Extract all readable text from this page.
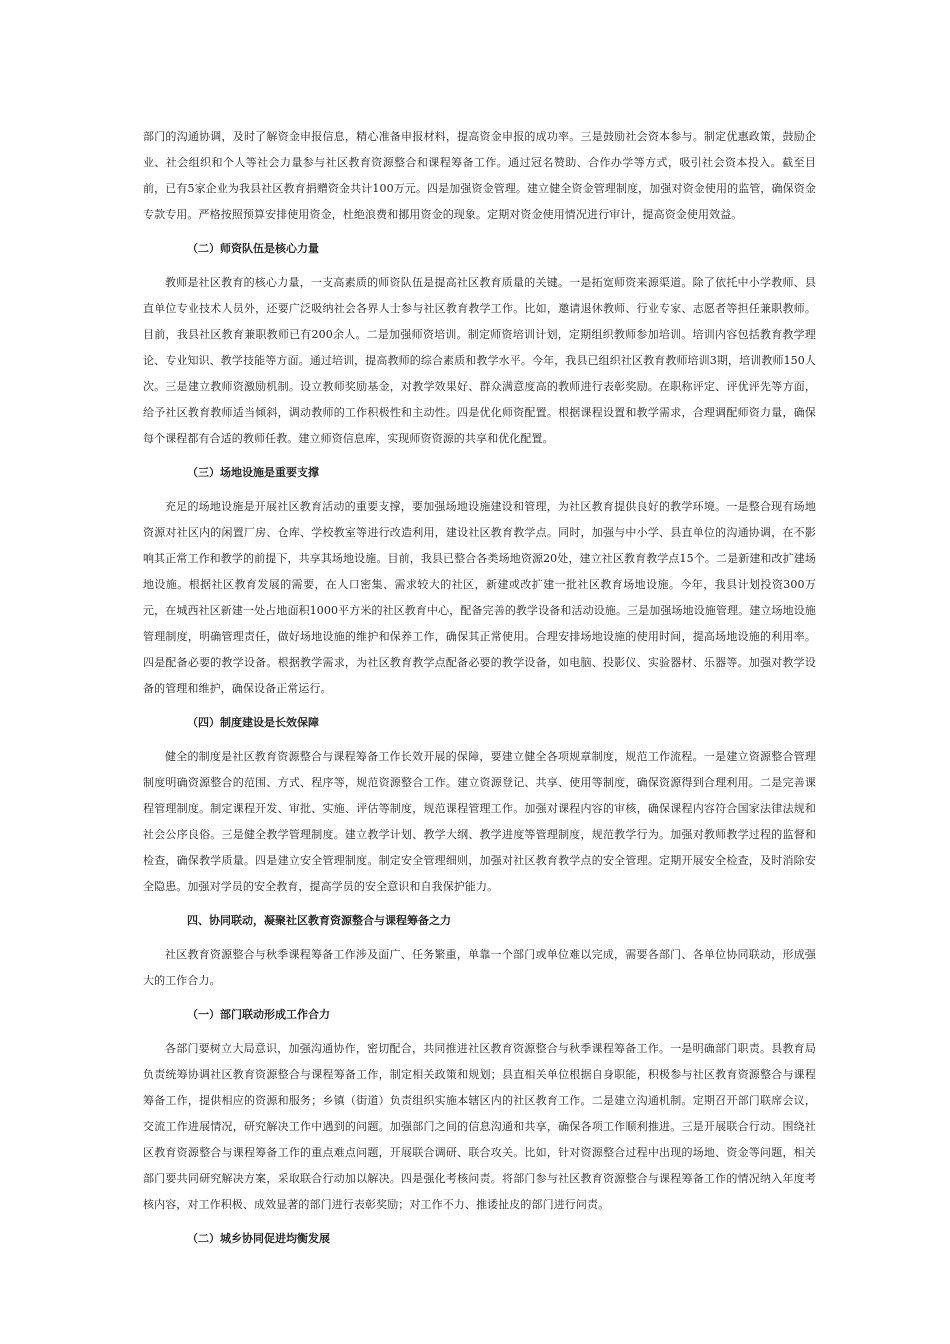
部门的沟通协调，及时了解资金申报信息，精心准备申报材料，提高资金申报的成功率。三是鼓励社会资本参与。制定优惠政策，鼓励企业、社会组织和个人等社会力量参与社区教育资源整合和课程筹备工作。通过冠名赞助、合作办学等方式，吸引社会资本投入。截至目前，已有5家企业为我县社区教育捐赠资金共计100万元。四是加强资金管理。建立健全资金管理制度，加强对资金使用的监管，确保资金专款专用。严格按照预算安排使用资金，杜绝浪费和挪用资金的现象。定期对资金使用情况进行审计，提高资金使用效益。

（二）师资队伍是核心力量

教师是社区教育的核心力量，一支高素质的师资队伍是提高社区教育质量的关键。一是拓宽师资来源渠道。除了依托中小学教师、县直单位专业技术人员外，还要广泛吸纳社会各界人士参与社区教育教学工作。比如，邀请退休教师、行业专家、志愿者等担任兼职教师。目前，我县社区教育兼职教师已有200余人。二是加强师资培训。制定师资培训计划，定期组织教师参加培训。培训内容包括教育教学理论、专业知识、教学技能等方面。通过培训，提高教师的综合素质和教学水平。今年，我县已组织社区教育教师培训3期，培训教师150人次。三是建立教师资激励机制。设立教师奖励基金，对教学效果好、群众满意度高的教师进行表彰奖励。在职称评定、评优评先等方面，给予社区教育教师适当倾斜，调动教师的工作积极性和主动性。四是优化师资配置。根据课程设置和教学需求，合理调配师资力量，确保每个课程都有合适的教师任教。建立师资信息库，实现师资资源的共享和优化配置。

（三）场地设施是重要支撑

充足的场地设施是开展社区教育活动的重要支撑，要加强场地设施建设和管理，为社区教育提供良好的教学环境。一是整合现有场地资源对社区内的闲置厂房、仓库、学校教室等进行改造利用，建设社区教育教学点。同时，加强与中小学、县直单位的沟通协调，在不影响其正常工作和教学的前提下，共享其场地设施。目前，我县已整合各类场地资源20处，建立社区教育教学点15个。二是新建和改扩建场地设施。根据社区教育发展的需要，在人口密集、需求较大的社区，新建或改扩建一批社区教育场地设施。今年，我县计划投资300万元，在城西社区新建一处占地面积1000平方米的社区教育中心，配备完善的教学设备和活动设施。三是加强场地设施管理。建立场地设施管理制度，明确管理责任，做好场地设施的维护和保养工作，确保其正常使用。合理安排场地设施的使用时间，提高场地设施的利用率。四是配备必要的教学设备。根据教学需求，为社区教育教学点配备必要的教学设备，如电脑、投影仪、实验器材、乐器等。加强对教学设备的管理和维护，确保设备正常运行。

（四）制度建设是长效保障

健全的制度是社区教育资源整合与课程筹备工作长效开展的保障，要建立健全各项规章制度，规范工作流程。一是建立资源整合管理制度明确资源整合的范围、方式、程序等，规范资源整合工作。建立资源登记、共享、使用等制度，确保资源得到合理利用。二是完善课程管理制度。制定课程开发、审批、实施、评估等制度，规范课程管理工作。加强对课程内容的审核，确保课程内容符合国家法律法规和社会公序良俗。三是健全教学管理制度。建立教学计划、教学大纲、教学进度等管理制度，规范教学行为。加强对教师教学过程的监督和检查，确保教学质量。四是建立安全管理制度。制定安全管理细则，加强对社区教育教学点的安全管理。定期开展安全检查，及时消除安全隐患。加强对学员的安全教育，提高学员的安全意识和自我保护能力。

四、协同联动，凝聚社区教育资源整合与课程筹备之力

社区教育资源整合与秋季课程筹备工作涉及面广、任务繁重，单靠一个部门或单位难以完成，需要各部门、各单位协同联动，形成强大的工作合力。

（一）部门联动形成工作合力

各部门要树立大局意识，加强沟通协作，密切配合，共同推进社区教育资源整合与秋季课程筹备工作。一是明确部门职责。县教育局负责统筹协调社区教育资源整合与课程筹备工作，制定相关政策和规划；县直相关单位根据自身职能，积极参与社区教育资源整合与课程筹备工作，提供相应的资源和服务；乡镇（街道）负责组织实施本辖区内的社区教育工作。二是建立沟通机制。定期召开部门联席会议，交流工作进展情况，研究解决工作中遇到的问题。加强部门之间的信息沟通和共享，确保各项工作顺利推进。三是开展联合行动。围绕社区教育资源整合与课程筹备工作的重点难点问题，开展联合调研、联合攻关。比如，针对资源整合过程中出现的场地、资金等问题，相关部门要共同研究解决方案，采取联合行动加以解决。四是强化考核问责。将部门参与社区教育资源整合与课程筹备工作的情况纳入年度考核内容，对工作积极、成效显著的部门进行表彰奖励；对工作不力、推诿扯皮的部门进行问责。

（二）城乡协同促进均衡发展
